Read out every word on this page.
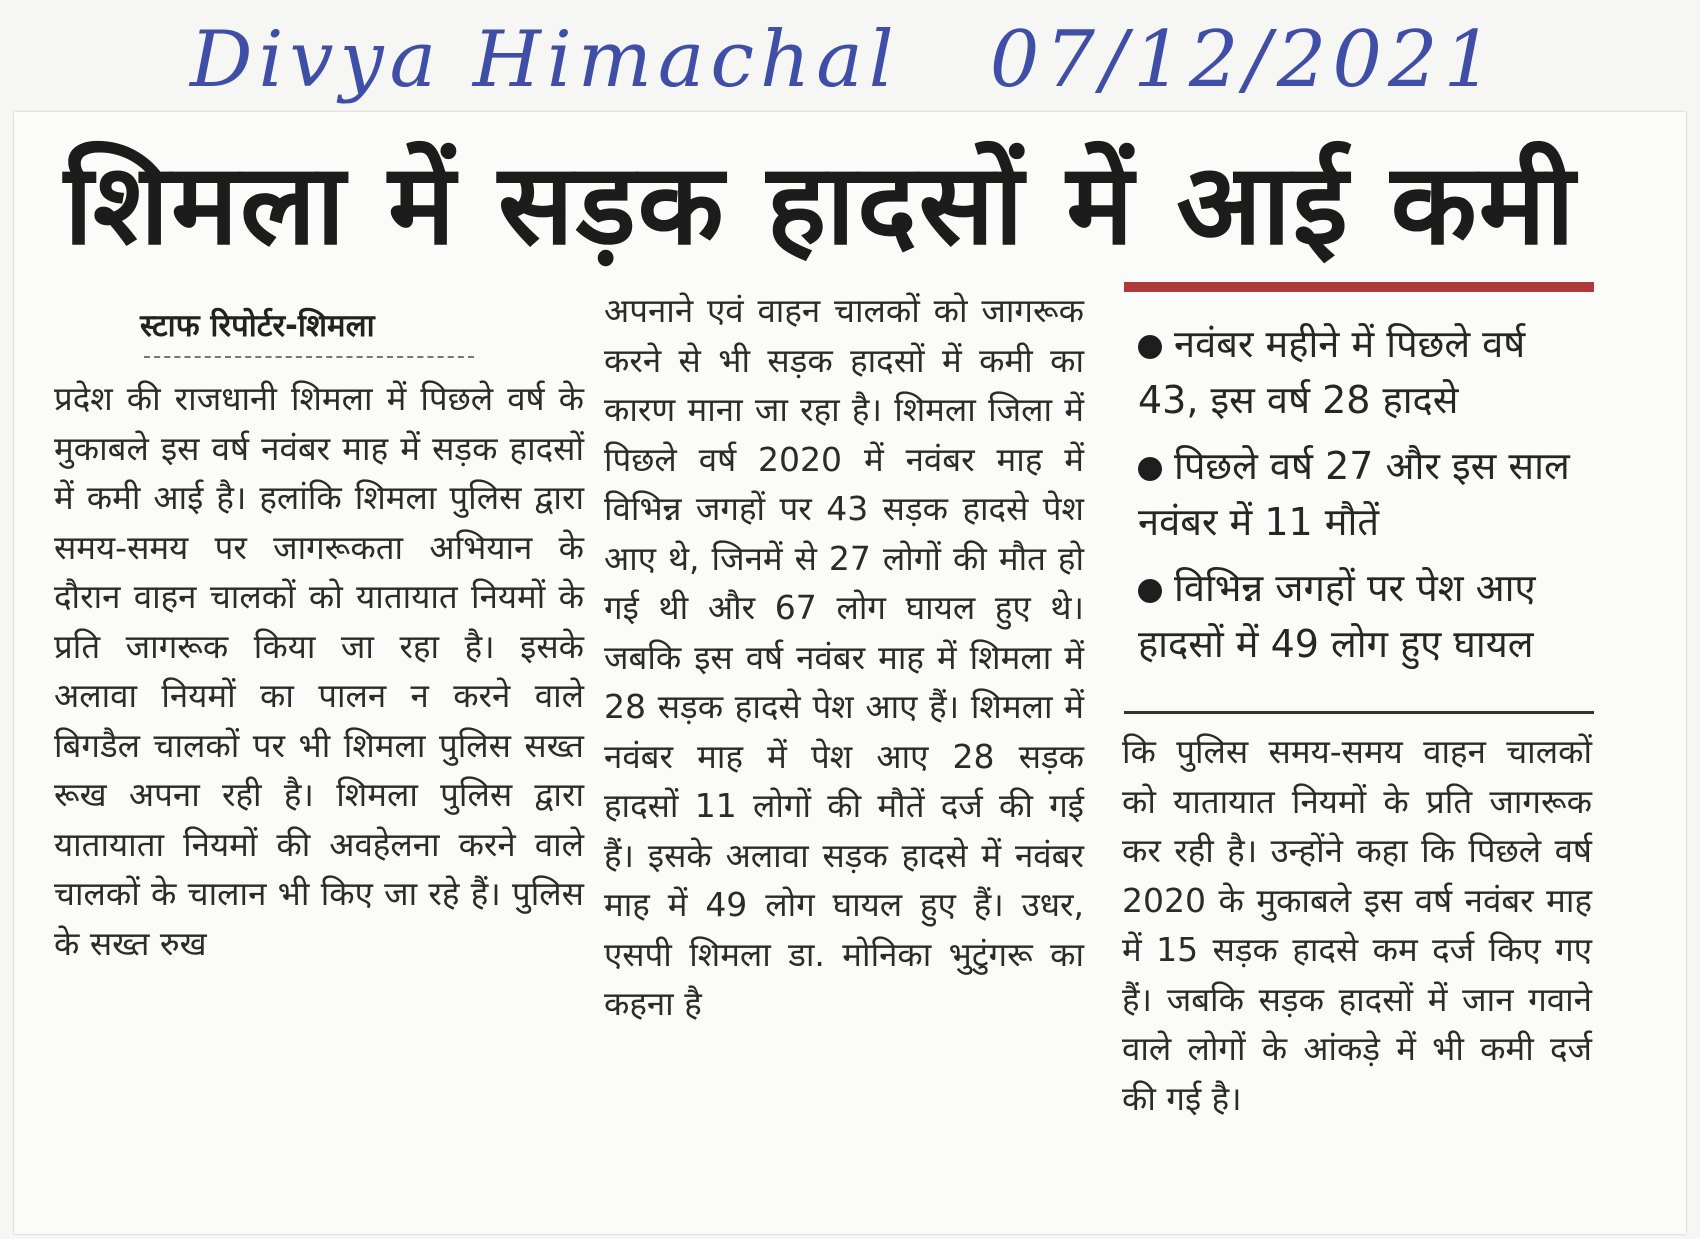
Divya Himachal 07/12/2021
शिमला में सड़क हादसों में आई कमी
स्टाफ रिपोर्टर-शिमला
प्रदेश की राजधानी शिमला में पिछले वर्ष के मुकाबले इस वर्ष नवंबर माह में सड़क हादसों में कमी आई है। हलांकि शिमला पुलिस द्वारा समय-समय पर जागरूकता अभियान के दौरान वाहन चालकों को यातायात नियमों के प्रति जागरूक किया जा रहा है। इसके अलावा नियमों का पालन न करने वाले बिगडैल चालकों पर भी शिमला पुलिस सख्त रूख अपना रही है। शिमला पुलिस द्वारा यातायाता नियमों की अवहेलना करने वाले चालकों के चालान भी किए जा रहे हैं। पुलिस के सख्त रुख
अपनाने एवं वाहन चालकों को जागरूक करने से भी सड़क हादसों में कमी का कारण माना जा रहा है। शिमला जिला में पिछले वर्ष 2020 में नवंबर माह में विभिन्न जगहों पर 43 सड़क हादसे पेश आए थे, जिनमें से 27 लोगों की मौत हो गई थी और 67 लोग घायल हुए थे। जबकि इस वर्ष नवंबर माह में शिमला में 28 सड़क हादसे पेश आए हैं। शिमला में नवंबर माह में पेश आए 28 सड़क हादसों 11 लोगों की मौतें दर्ज की गई हैं। इसके अलावा सड़क हादसे में नवंबर माह में 49 लोग घायल हुए हैं। उधर, एसपी शिमला डा. मोनिका भुटुंगरू का कहना है
नवंबर महीने में पिछले वर्ष 43, इस वर्ष 28 हादसे
पिछले वर्ष 27 और इस साल नवंबर में 11 मौतें
विभिन्न जगहों पर पेश आए हादसों में 49 लोग हुए घायल
कि पुलिस समय-समय वाहन चालकों को यातायात नियमों के प्रति जागरूक कर रही है। उन्होंने कहा कि पिछले वर्ष 2020 के मुकाबले इस वर्ष नवंबर माह में 15 सड़क हादसे कम दर्ज किए गए हैं। जबकि सड़क हादसों में जान गवाने वाले लोगों के आंकड़े में भी कमी दर्ज की गई है।
